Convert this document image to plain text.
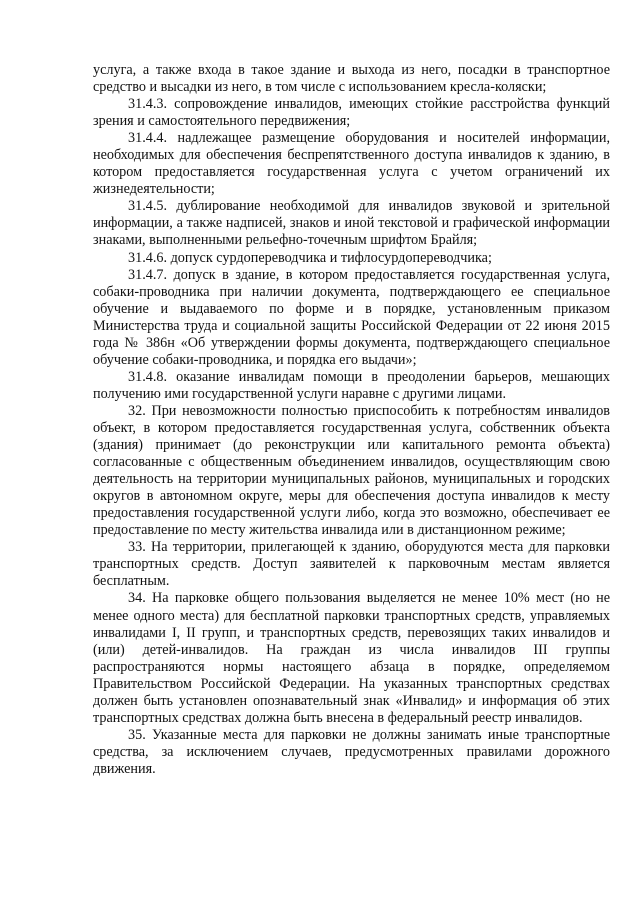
услуга, а также входа в такое здание и выхода из него, посадки в транспортное средство и высадки из него, в том числе с использованием кресла-коляски;

31.4.3. сопровождение инвалидов, имеющих стойкие расстройства функций зрения и самостоятельного передвижения;

31.4.4. надлежащее размещение оборудования и носителей информации, необходимых для обеспечения беспрепятственного доступа инвалидов к зданию, в котором предоставляется государственная услуга с учетом ограничений их жизнедеятельности;

31.4.5. дублирование необходимой для инвалидов звуковой и зрительной информации, а также надписей, знаков и иной текстовой и графической информации знаками, выполненными рельефно-точечным шрифтом Брайля;

31.4.6. допуск сурдопереводчика и тифлосурдопереводчика;

31.4.7. допуск в здание, в котором предоставляется государственная услуга, собаки-проводника при наличии документа, подтверждающего ее специальное обучение и выдаваемого по форме и в порядке, установленным приказом Министерства труда и социальной защиты Российской Федерации от 22 июня 2015 года № 386н «Об утверждении формы документа, подтверждающего специальное обучение собаки-проводника, и порядка его выдачи»;

31.4.8. оказание инвалидам помощи в преодолении барьеров, мешающих получению ими государственной услуги наравне с другими лицами.

32. При невозможности полностью приспособить к потребностям инвалидов объект, в котором предоставляется государственная услуга, собственник объекта (здания) принимает (до реконструкции или капитального ремонта объекта) согласованные с общественным объединением инвалидов, осуществляющим свою деятельность на территории муниципальных районов, муниципальных и городских округов в автономном округе, меры для обеспечения доступа инвалидов к месту предоставления государственной услуги либо, когда это возможно, обеспечивает ее предоставление по месту жительства инвалида или в дистанционном режиме;

33. На территории, прилегающей к зданию, оборудуются места для парковки транспортных средств. Доступ заявителей к парковочным местам является бесплатным.

34. На парковке общего пользования выделяется не менее 10% мест (но не менее одного места) для бесплатной парковки транспортных средств, управляемых инвалидами I, II групп, и транспортных средств, перевозящих таких инвалидов и (или) детей-инвалидов. На граждан из числа инвалидов III группы распространяются нормы настоящего абзаца в порядке, определяемом Правительством Российской Федерации. На указанных транспортных средствах должен быть установлен опознавательный знак «Инвалид» и информация об этих транспортных средствах должна быть внесена в федеральный реестр инвалидов.

35. Указанные места для парковки не должны занимать иные транспортные средства, за исключением случаев, предусмотренных правилами дорожного движения.
